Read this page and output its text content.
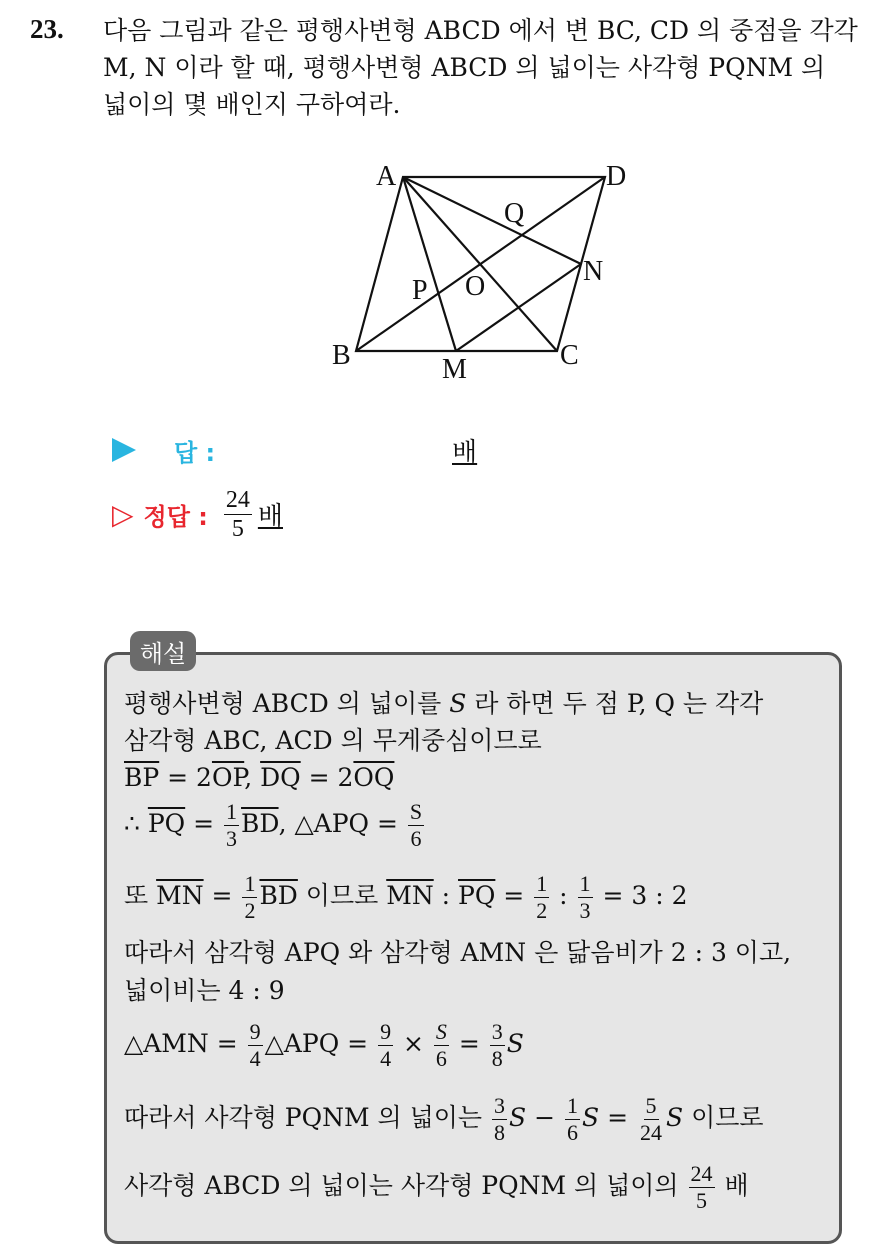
23. 다음 그림과 같은 평행사변형 ABCD 에서 변 BC, CD 의 중점을 각각
M, N 이라 할 때, 평행사변형 ABCD 의 넓이는 사각형 PQNM 의
넓이의 몇 배인지 구하여라.
A	D
B	C
M
N
O
P
Q
답 :	배
▷ 정답 : $\frac{24}{5}$ 배
해설
평행사변형 ABCD 의 넓이를 S 라 하면 두 점 P, Q 는 각각
삼각형 ABC, ACD 의 무게중심이므로
$\overline{BP} = 2\overline{OP}$, $\overline{DQ} = 2\overline{OQ}$
∴ $\overline{PQ} = \frac{1}{3} \overline{BD}$, △APQ = $\frac{S}{6}$
또 $\overline{MN} = \frac{1}{2} \overline{BD}$ 이므로 $\overline{MN}$ : $\overline{PQ} = \frac{1}{2}$ : $\frac{1}{3} = 3$ : 2
따라서 삼각형 APQ 와 삼각형 AMN 은 닮음비가 2 : 3 이고,
넓이비는 4 : 9
△AMN = $\frac{9}{4}$ △APQ = $\frac{9}{4} \times \frac{S}{6} = \frac{3}{8}$ S
따라서 사각형 PQNM 의 넓이는 $\frac{3}{8}$ $S - \frac{1}{6}$ $S = \frac{5}{24}$ S 이므로
사각형 ABCD 의 넓이는 사각형 PQNM 의 넓이의 $\frac{24}{5}$ 배
